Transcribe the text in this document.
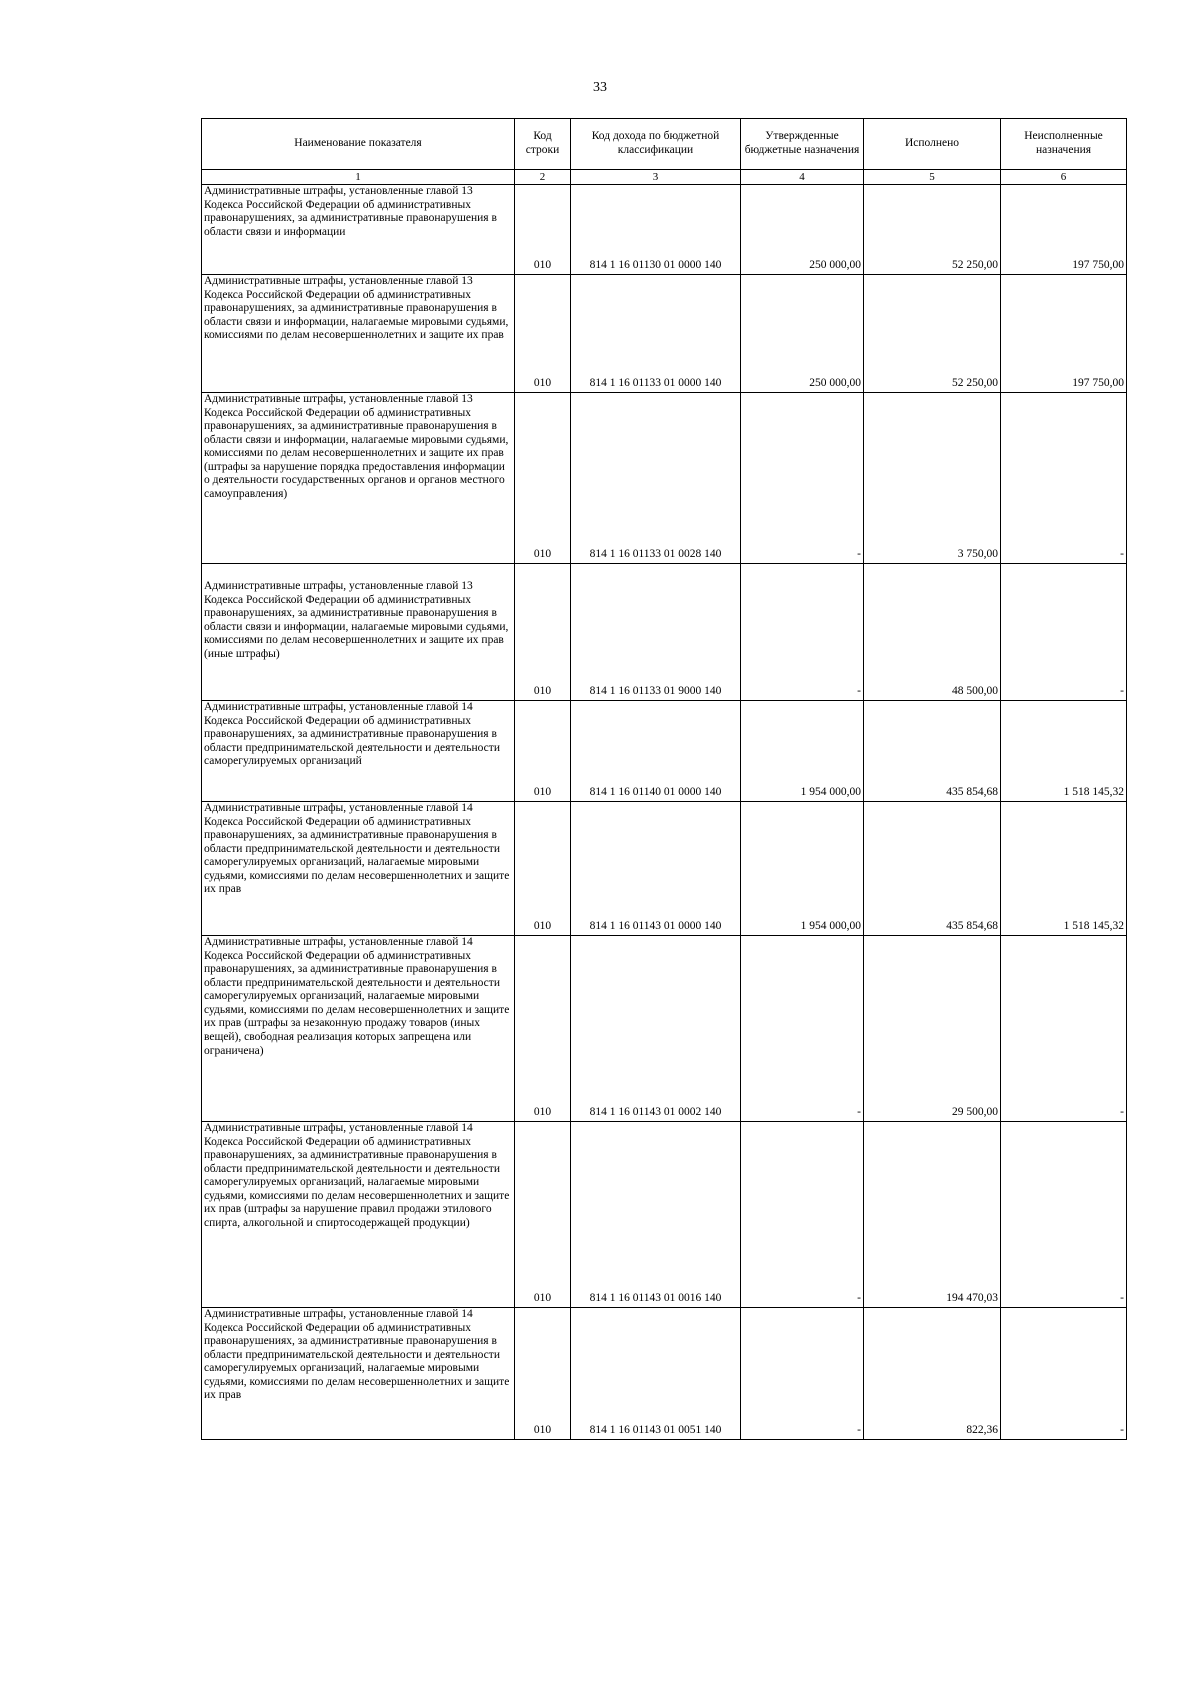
33
Наименование показателя	Код строки	Код дохода по бюджетной классификации	Утвержденные бюджетные назначения	Исполнено	Неисполненные назначения
1	2	3	4	5	6
Административные штрафы, установленные главой 13 Кодекса Российской Федерации об административных правонарушениях, за административные правонарушения в области связи и информации	010	814 1 16 01130 01 0000 140	250 000,00	52 250,00	197 750,00
Административные штрафы, установленные главой 13 Кодекса Российской Федерации об административных правонарушениях, за административные правонарушения в области связи и информации, налагаемые мировыми судьями, комиссиями по делам несовершеннолетних и защите их прав	010	814 1 16 01133 01 0000 140	250 000,00	52 250,00	197 750,00
Административные штрафы, установленные главой 13 Кодекса Российской Федерации об административных правонарушениях, за административные правонарушения в области связи и информации, налагаемые мировыми судьями, комиссиями по делам несовершеннолетних и защите их прав (штрафы за нарушение порядка предоставления информации о деятельности государственных органов и органов местного самоуправления)	010	814 1 16 01133 01 0028 140	-	3 750,00	-
Административные штрафы, установленные главой 13 Кодекса Российской Федерации об административных правонарушениях, за административные правонарушения в области связи и информации, налагаемые мировыми судьями, комиссиями по делам несовершеннолетних и защите их прав (иные штрафы)	010	814 1 16 01133 01 9000 140	-	48 500,00	-
Административные штрафы, установленные главой 14 Кодекса Российской Федерации об административных правонарушениях, за административные правонарушения в области предпринимательской деятельности и деятельности саморегулируемых организаций	010	814 1 16 01140 01 0000 140	1 954 000,00	435 854,68	1 518 145,32
Административные штрафы, установленные главой 14 Кодекса Российской Федерации об административных правонарушениях, за административные правонарушения в области предпринимательской деятельности и деятельности саморегулируемых организаций, налагаемые мировыми судьями, комиссиями по делам несовершеннолетних и защите их прав	010	814 1 16 01143 01 0000 140	1 954 000,00	435 854,68	1 518 145,32
Административные штрафы, установленные главой 14 Кодекса Российской Федерации об административных правонарушениях, за административные правонарушения в области предпринимательской деятельности и деятельности саморегулируемых организаций, налагаемые мировыми судьями, комиссиями по делам несовершеннолетних и защите их прав (штрафы за незаконную продажу товаров (иных вещей), свободная реализация которых запрещена или ограничена)	010	814 1 16 01143 01 0002 140	-	29 500,00	-
Административные штрафы, установленные главой 14 Кодекса Российской Федерации об административных правонарушениях, за административные правонарушения в области предпринимательской деятельности и деятельности саморегулируемых организаций, налагаемые мировыми судьями, комиссиями по делам несовершеннолетних и защите их прав (штрафы за нарушение правил продажи этилового спирта, алкогольной и спиртосодержащей продукции)	010	814 1 16 01143 01 0016 140	-	194 470,03	-
Административные штрафы, установленные главой 14 Кодекса Российской Федерации об административных правонарушениях, за административные правонарушения в области предпринимательской деятельности и деятельности саморегулируемых организаций, налагаемые мировыми судьями, комиссиями по делам несовершеннолетних и защите их прав	010	814 1 16 01143 01 0051 140	-	822,36	-
